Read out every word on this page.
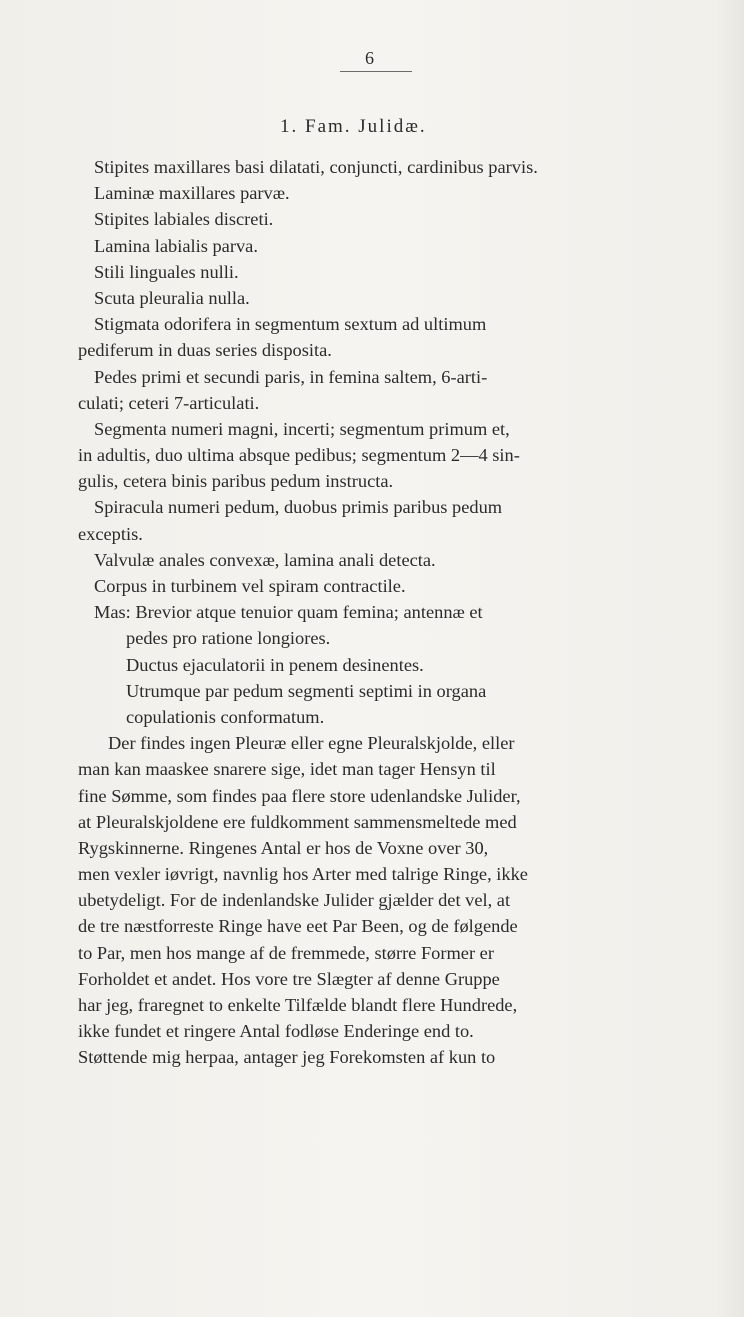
6
1. Fam. Julidæ.
Stipites maxillares basi dilatati, conjuncti, cardinibus parvis.
Laminæ maxillares parvæ.
Stipites labiales discreti.
Lamina labialis parva.
Stili linguales nulli.
Scuta pleuralia nulla.
Stigmata odorifera in segmentum sextum ad ultimum
pediferum in duas series disposita.
Pedes primi et secundi paris, in femina saltem, 6-arti-
culati; ceteri 7-articulati.
Segmenta numeri magni, incerti; segmentum primum et,
in adultis, duo ultima absque pedibus; segmentum 2—4 sin-
gulis, cetera binis paribus pedum instructa.
Spiracula numeri pedum, duobus primis paribus pedum
exceptis.
Valvulæ anales convexæ, lamina anali detecta.
Corpus in turbinem vel spiram contractile.
Mas: Brevior atque tenuior quam femina; antennæ et
pedes pro ratione longiores.
Ductus ejaculatorii in penem desinentes.
Utrumque par pedum segmenti septimi in organa
copulationis conformatum.
Der findes ingen Pleuræ eller egne Pleuralskjolde, eller
man kan maaskee snarere sige, idet man tager Hensyn til
fine Sømme, som findes paa flere store udenlandske Julider,
at Pleuralskjoldene ere fuldkomment sammensmeltede med
Rygskinnerne. Ringenes Antal er hos de Voxne over 30,
men vexler iøvrigt, navnlig hos Arter med talrige Ringe, ikke
ubetydeligt. For de indenlandske Julider gjælder det vel, at
de tre næstforreste Ringe have eet Par Been, og de følgende
to Par, men hos mange af de fremmede, større Former er
Forholdet et andet. Hos vore tre Slægter af denne Gruppe
har jeg, fraregnet to enkelte Tilfælde blandt flere Hundrede,
ikke fundet et ringere Antal fodløse Enderinge end to.
Støttende mig herpaa, antager jeg Forekomsten af kun to
